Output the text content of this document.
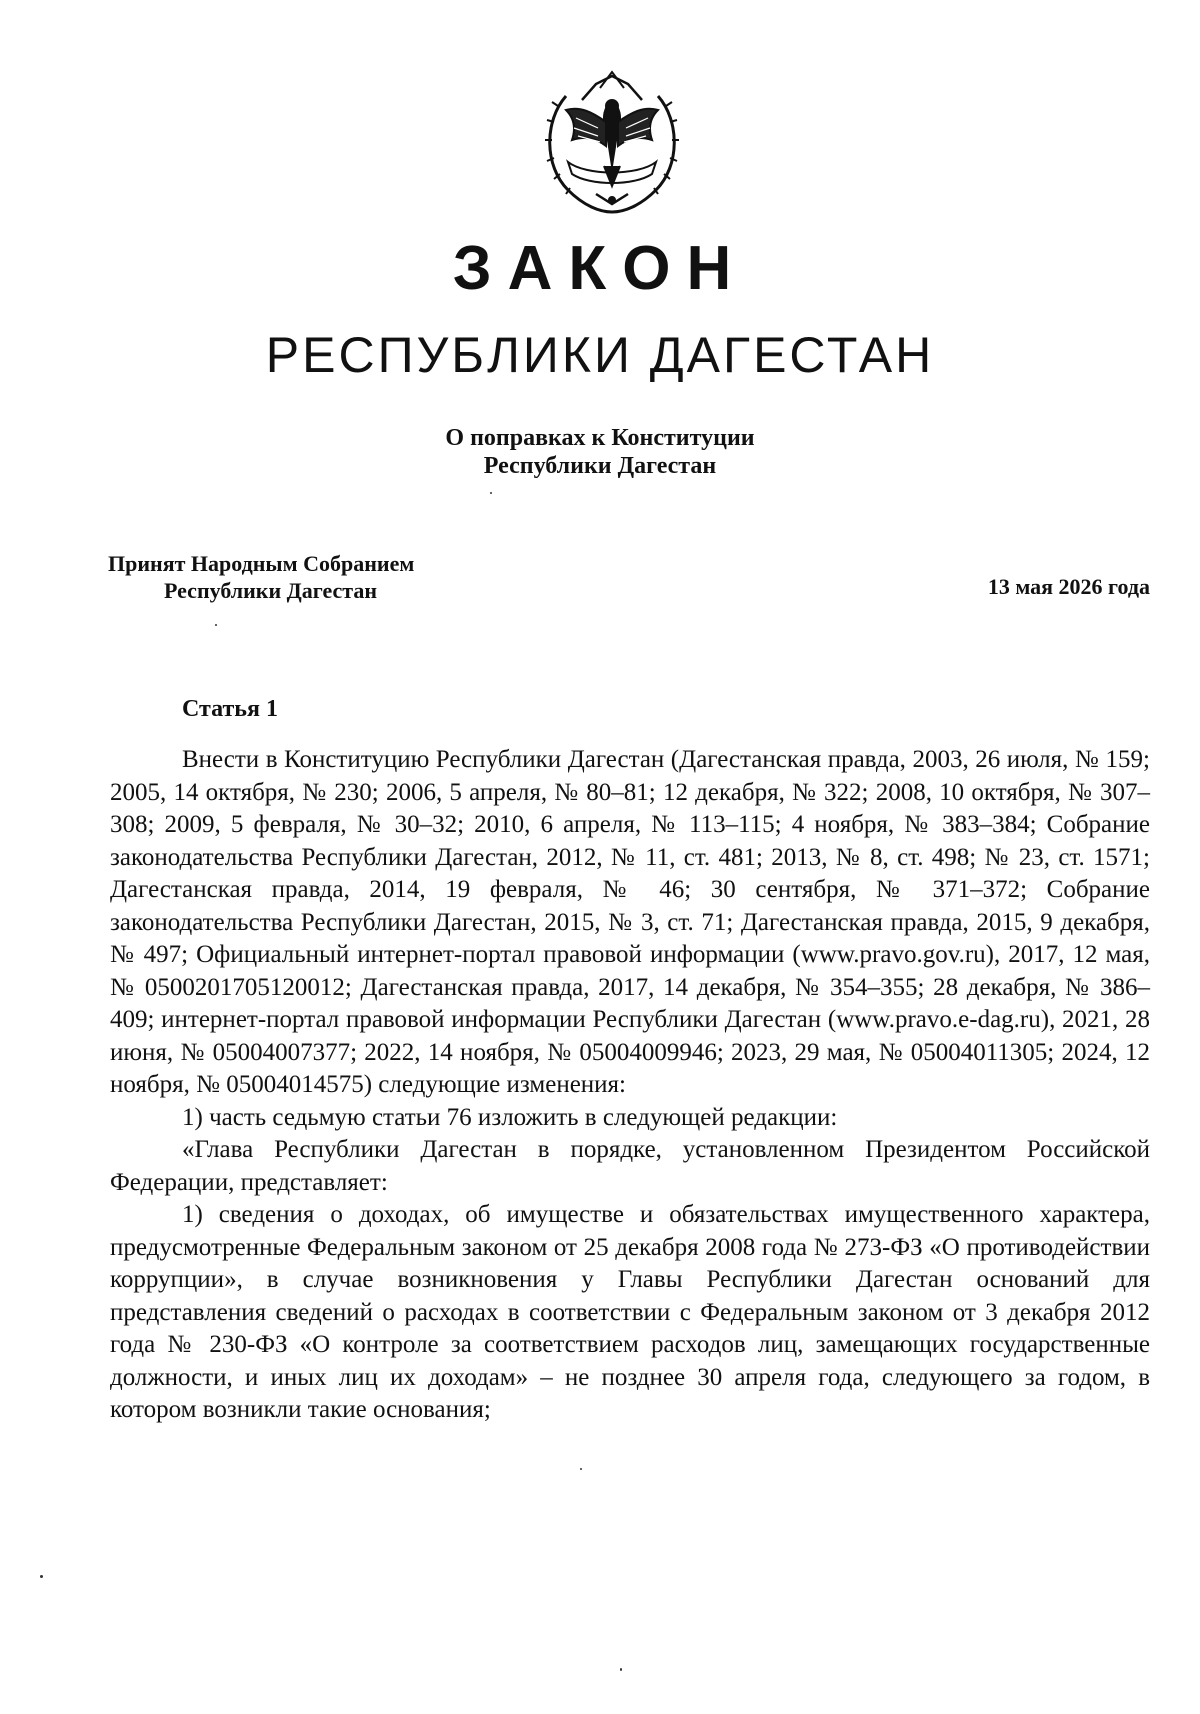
ЗАКОН
РЕСПУБЛИКИ ДАГЕСТАН
О поправках к Конституции
Республики Дагестан
Принят Народным Собранием
Республики Дагестан	13 мая 2026 года
Статья 1

Внести в Конституцию Республики Дагестан (Дагестанская правда, 2003, 26 июля, № 159; 2005, 14 октября, № 230; 2006, 5 апреля, № 80–81; 12 декабря, № 322; 2008, 10 октября, № 307–308; 2009, 5 февраля, № 30–32; 2010, 6 апреля, № 113–115; 4 ноября, № 383–384; Собрание законодательства Республики Дагестан, 2012, № 11, ст. 481; 2013, № 8, ст. 498; № 23, ст. 1571; Дагестанская правда, 2014, 19 февраля, № 46; 30 сентября, № 371–372; Собрание законодательства Республики Дагестан, 2015, № 3, ст. 71; Дагестанская правда, 2015, 9 декабря, № 497; Официальный интернет-портал правовой информации (www.pravo.gov.ru), 2017, 12 мая, № 0500201705120012; Дагестанская правда, 2017, 14 декабря, № 354–355; 28 декабря, № 386–409; интернет-портал правовой информации Республики Дагестан (www.pravo.e-dag.ru), 2021, 28 июня, № 05004007377; 2022, 14 ноября, № 05004009946; 2023, 29 мая, № 05004011305; 2024, 12 ноября, № 05004014575) следующие изменения:

1) часть седьмую статьи 76 изложить в следующей редакции:

«Глава Республики Дагестан в порядке, установленном Президентом Российской Федерации, представляет:

1) сведения о доходах, об имуществе и обязательствах имущественного характера, предусмотренные Федеральным законом от 25 декабря 2008 года № 273-ФЗ «О противодействии коррупции», в случае возникновения у Главы Республики Дагестан оснований для представления сведений о расходах в соответствии с Федеральным законом от 3 декабря 2012 года № 230-ФЗ «О контроле за соответствием расходов лиц, замещающих государственные должности, и иных лиц их доходам» – не позднее 30 апреля года, следующего за годом, в котором возникли такие основания;
